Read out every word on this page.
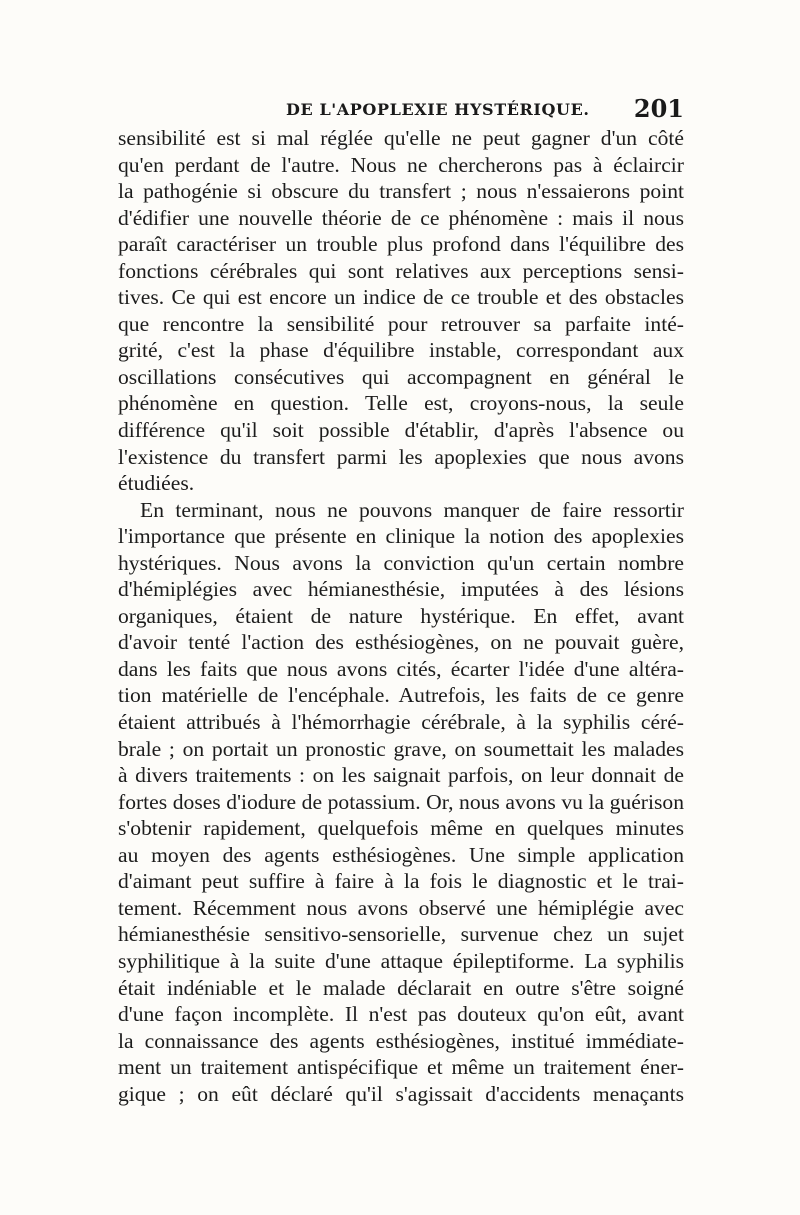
DE L'APOPLEXIE HYSTÉRIQUE. 201
sensibilité est si mal réglée qu'elle ne peut gagner d'un côté
qu'en perdant de l'autre. Nous ne chercherons pas à éclaircir
la pathogénie si obscure du transfert ; nous n'essaierons point
d'édifier une nouvelle théorie de ce phénomène : mais il nous
paraît caractériser un trouble plus profond dans l'équilibre des
fonctions cérébrales qui sont relatives aux perceptions sensi-
tives. Ce qui est encore un indice de ce trouble et des obstacles
que rencontre la sensibilité pour retrouver sa parfaite inté-
grité, c'est la phase d'équilibre instable, correspondant aux
oscillations consécutives qui accompagnent en général le
phénomène en question. Telle est, croyons-nous, la seule
différence qu'il soit possible d'établir, d'après l'absence ou
l'existence du transfert parmi les apoplexies que nous avons
étudiées.
En terminant, nous ne pouvons manquer de faire ressortir
l'importance que présente en clinique la notion des apoplexies
hystériques. Nous avons la conviction qu'un certain nombre
d'hémiplégies avec hémianesthésie, imputées à des lésions
organiques, étaient de nature hystérique. En effet, avant
d'avoir tenté l'action des esthésiogènes, on ne pouvait guère,
dans les faits que nous avons cités, écarter l'idée d'une altéra-
tion matérielle de l'encéphale. Autrefois, les faits de ce genre
étaient attribués à l'hémorrhagie cérébrale, à la syphilis céré-
brale ; on portait un pronostic grave, on soumettait les malades
à divers traitements : on les saignait parfois, on leur donnait de
fortes doses d'iodure de potassium. Or, nous avons vu la guérison
s'obtenir rapidement, quelquefois même en quelques minutes
au moyen des agents esthésiogènes. Une simple application
d'aimant peut suffire à faire à la fois le diagnostic et le trai-
tement. Récemment nous avons observé une hémiplégie avec
hémianesthésie sensitivo-sensorielle, survenue chez un sujet
syphilitique à la suite d'une attaque épileptiforme. La syphilis
était indéniable et le malade déclarait en outre s'être soigné
d'une façon incomplète. Il n'est pas douteux qu'on eût, avant
la connaissance des agents esthésiogènes, institué immédiate-
ment un traitement antispécifique et même un traitement éner-
gique ; on eût déclaré qu'il s'agissait d'accidents menaçants
